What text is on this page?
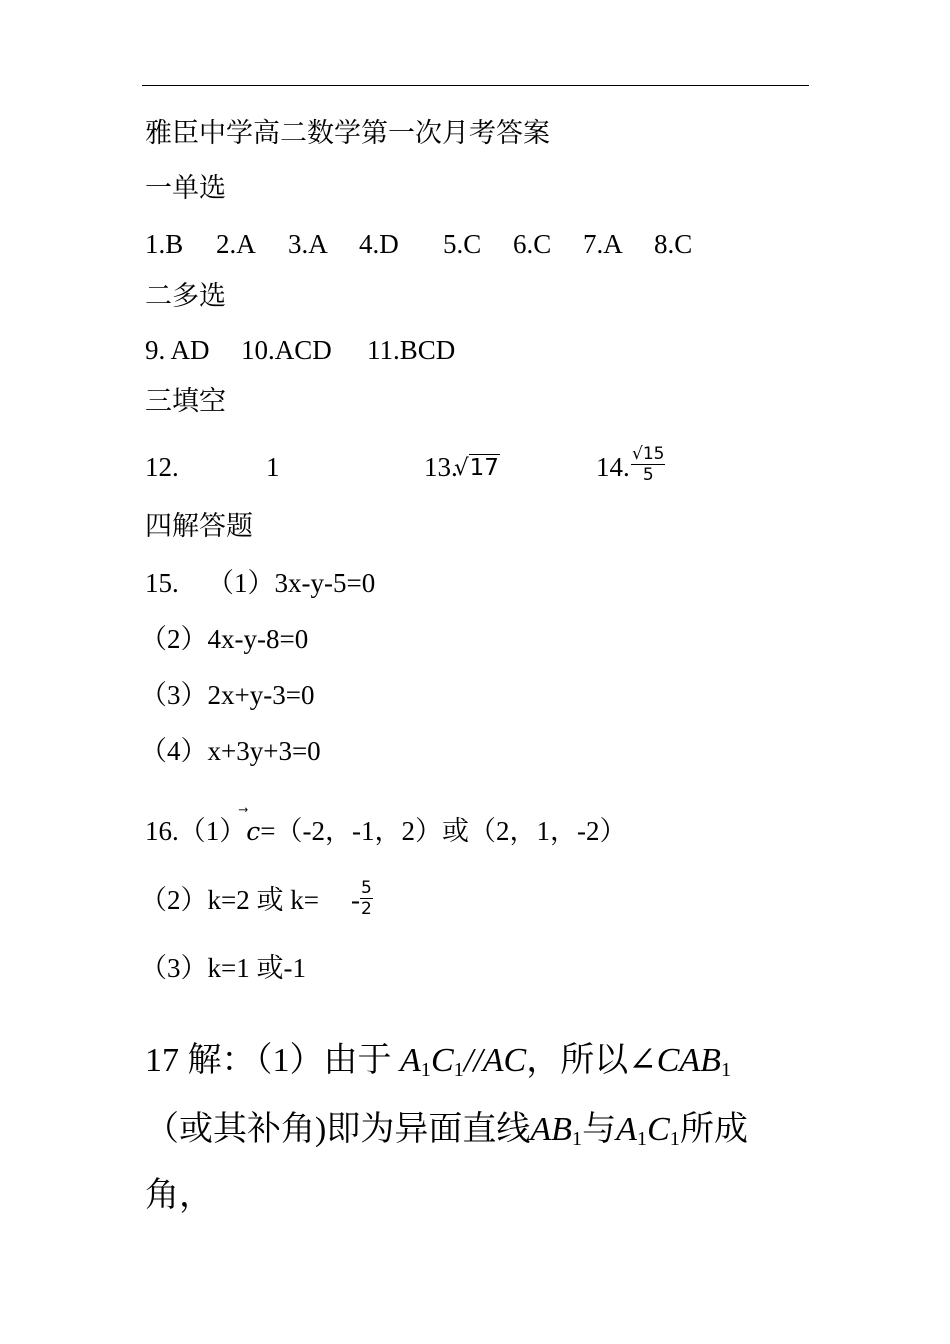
雅臣中学高二数学第一次月考答案
一单选
1.B 2.A 3.A 4.D 5.C 6.C 7.A 8.C
二多选
9. AD 10.ACD 11.BCD
三填空
12.	1	13.
√17	14. $\frac{√15}{5}$
四解答题
15. （1）3x-y-5=0
（2）4x-y-8=0
（3）2x+y-3=0
（4）x+3y+3=0
16.（1）⃗ c=（-2，-1，2）或（2，1，-2）
（2）k=2 或 $k= - \frac{5}{2}$
（3）k=1 或-1
17 解：（1）由于 $A_1C_1//AC$，所以$\angle CAB_1$
（或其补角)即为异面直线$AB_1$与$A_1C_1$所成
角，
